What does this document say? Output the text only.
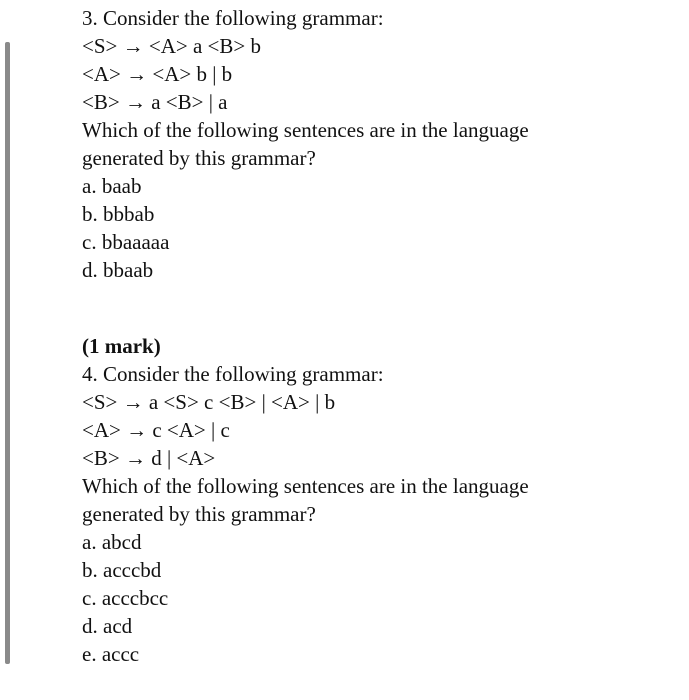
3. Consider the following grammar:
<S> → <A> a <B> b
<A> → <A> b | b
<B> → a <B> | a
Which of the following sentences are in the language
generated by this grammar?
a. baab
b. bbbab
c. bbaaaaa
d. bbaab
(1 mark)
4. Consider the following grammar:
<S> → a <S> c <B> | <A> | b
<A> → c <A> | c
<B> → d | <A>
Which of the following sentences are in the language
generated by this grammar?
a. abcd
b. acccbd
c. acccbcc
d. acd
e. accc
